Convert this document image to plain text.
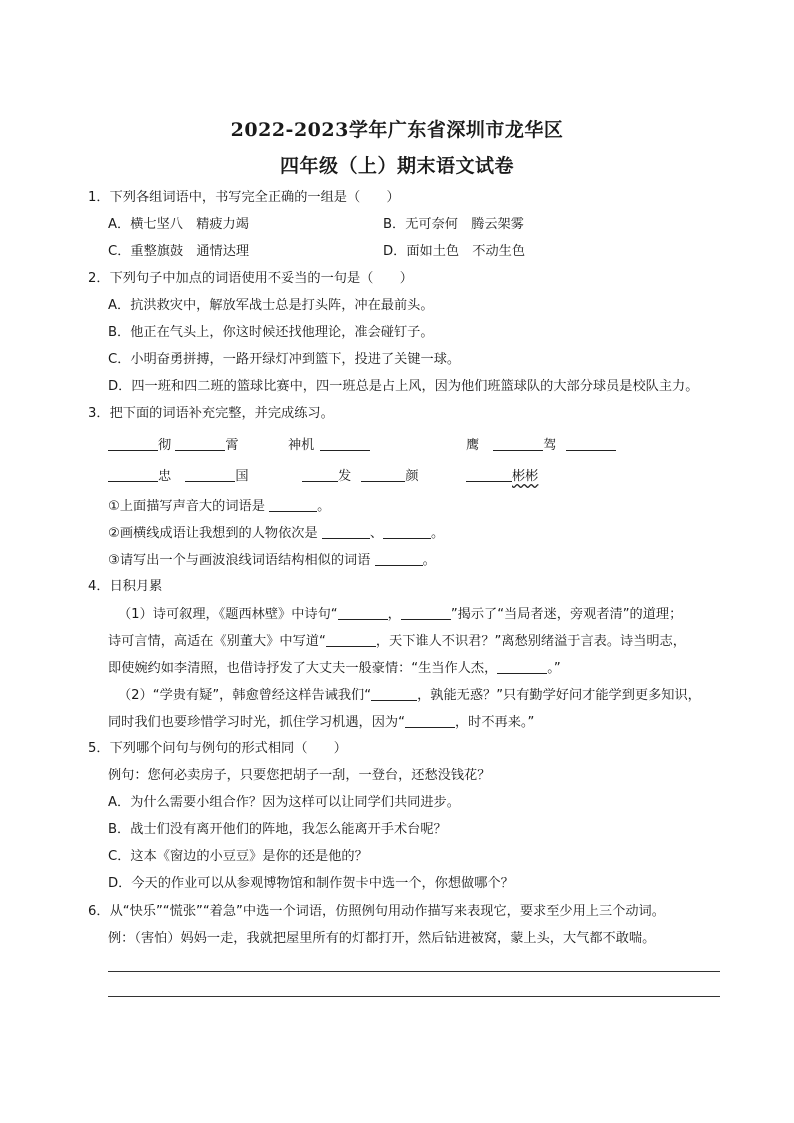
2022-2023学年广东省深圳市龙华区
四年级（上）期末语文试卷
1．下列各组词语中，书写完全正确的一组是（　　）
A．横七坚八　精疲力竭	B．无可奈何　腾云架雾
C．重整旗鼓　通情达理	D．面如土色　不动生色
2．下列句子中加点的词语使用不妥当的一句是（　　）
A．抗洪救灾中，解放军战士总是打头阵，冲在最前头。
B．他正在气头上，你这时候还找他理论，准会碰钉子。
C．小明奋勇拼搏，一路开绿灯冲到篮下，投进了关键一球。
D．四一班和四二班的篮球比赛中，四一班总是占上风，因为他们班篮球队的大部分球员是校队主力。
3．把下面的词语补充完整，并完成练习。
彻	霄	神机	鹰	驾
忠	国	发	颜	彬彬
①上面描写声音大的词语是	。
②画横线成语让我想到的人物依次是	、	。
③请写出一个与画波浪线词语结构相似的词语	。
4．日积月累
（1）诗可叙理，《题西林壁》中诗句“	，	”揭示了“当局者迷，旁观者清”的道理；
诗可言情，高适在《别董大》中写道“	，天下谁人不识君？”离愁别绪溢于言表。诗当明志，
即使婉约如李清照，也借诗抒发了大丈夫一般豪情：“生当作人杰，	。”
（2）“学贵有疑”，韩愈曾经这样告诫我们“	，孰能无惑？”只有勤学好问才能学到更多知识，
同时我们也要珍惜学习时光，抓住学习机遇，因为“	，时不再来。”
5．下列哪个问句与例句的形式相同（　　）
例句：您何必卖房子，只要您把胡子一刮，一登台，还愁没钱花？
A．为什么需要小组合作？因为这样可以让同学们共同进步。
B．战士们没有离开他们的阵地，我怎么能离开手术台呢？
C．这本《窗边的小豆豆》是你的还是他的？
D．今天的作业可以从参观博物馆和制作贺卡中选一个，你想做哪个？
6．从“快乐”“慌张”“着急”中选一个词语，仿照例句用动作描写来表现它，要求至少用上三个动词。
例：（害怕）妈妈一走，我就把屋里所有的灯都打开，然后钻进被窝，蒙上头，大气都不敢喘。
